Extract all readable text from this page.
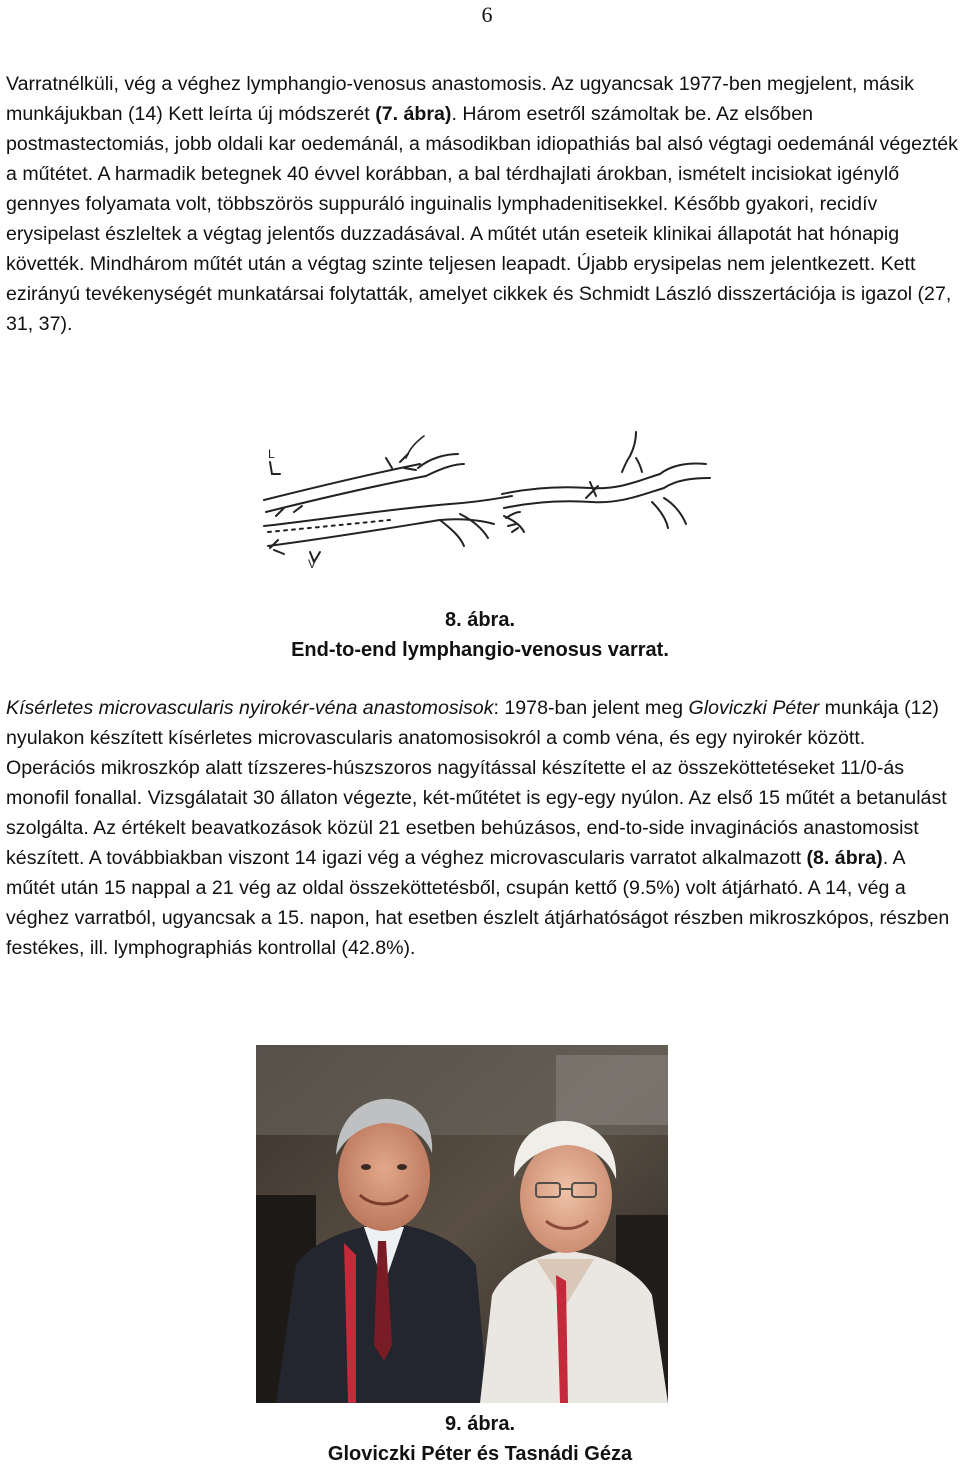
6

Varratnélküli, vég a véghez lymphangio-venosus anastomosis. Az ugyancsak 1977-ben megjelent, másik munkájukban (14) Kett leírta új módszerét (7. ábra). Három esetről számoltak be. Az elsőben postmastectomiás, jobb oldali kar oedemánál, a másodikban idiopathiás bal alsó végtagi oedemánál végezték a műtétet. A harmadik betegnek 40 évvel korábban, a bal térdhajlati árokban, ismételt incisiokat igénylő gennyes folyamata volt, többszörös suppuráló inguinalis lymphadenitisekkel. Később gyakori, recidív erysipelast észleltek a végtag jelentős duzzadásával. A műtét után eseteik klinikai állapotát hat hónapig követték. Mindhárom műtét után a végtag szinte teljesen leapadt. Újabb erysipelas nem jelentkezett. Kett ezirányú tevékenységét munkatársai folytatták, amelyet cikkek és Schmidt László disszertációja is igazol (27, 31, 37).

L
V
8. ábra.
End-to-end lymphangio-venosus varrat.

Kísérletes microvascularis nyirokér-véna anastomosisok: 1978-ban jelent meg Gloviczki Péter munkája (12) nyulakon készített kísérletes microvascularis anatomosisokról a comb véna, és egy nyirokér között. Operációs mikroszkóp alatt tízszeres-húszszoros nagyítással készítette el az összeköttetéseket 11/0-ás monofil fonallal. Vizsgálatait 30 állaton végezte, két-műtétet is egy-egy nyúlon. Az első 15 műtét a betanulást szolgálta. Az értékelt beavatkozások közül 21 esetben behúzásos, end-to-side invaginációs anastomosist készített. A továbbiakban viszont 14 igazi vég a véghez microvascularis varratot alkalmazott (8. ábra). A műtét után 15 nappal a 21 vég az oldal összeköttetésből, csupán kettő (9.5%) volt átjárható. A 14, vég a véghez varratból, ugyancsak a 15. napon, hat esetben észlelt átjárhatóságot részben mikroszkópos, részben festékes, ill. lymphographiás kontrollal (42.8%).

9. ábra.
Gloviczki Péter és Tasnádi Géza
